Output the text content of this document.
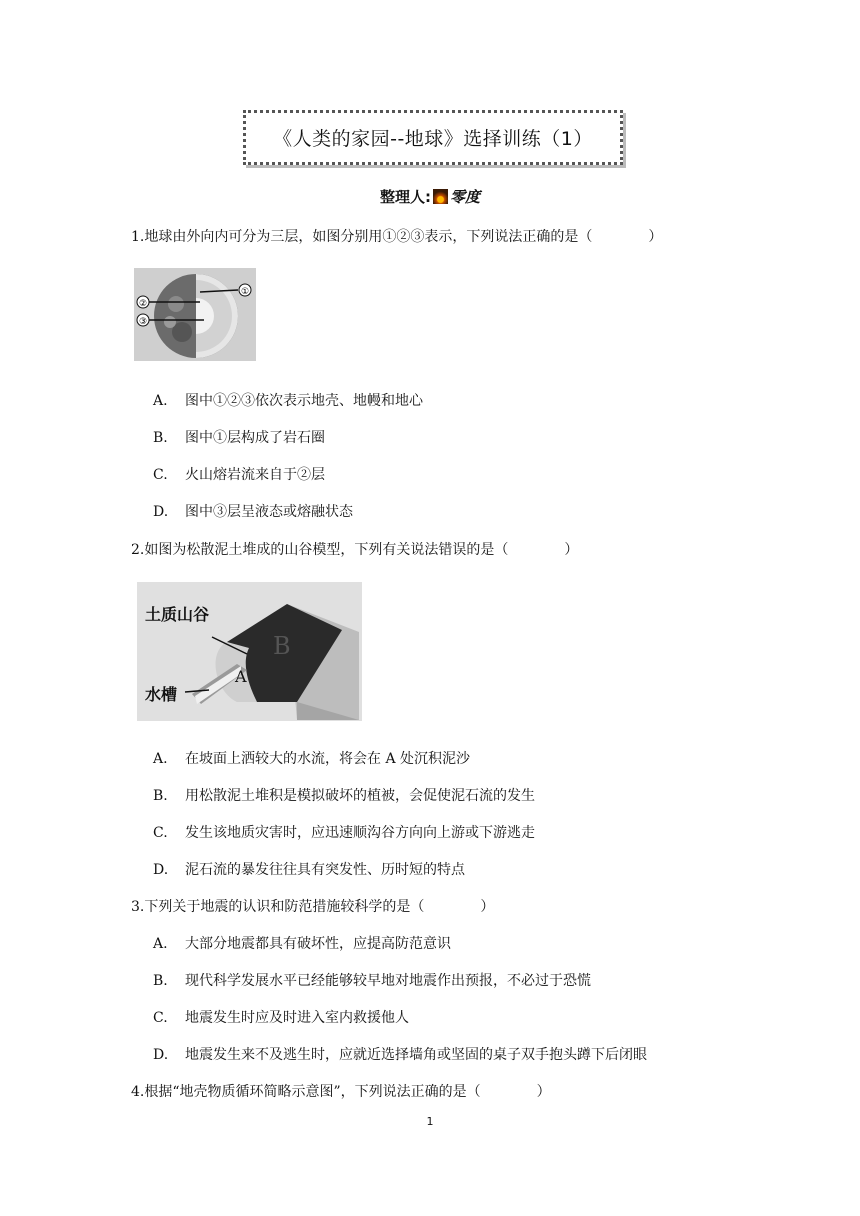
《人类的家园--地球》选择训练（1）
整理人: 零度
1.地球由外向内可分为三层，如图分别用①②③表示，下列说法正确的是（　　　　）
①
②
③
A. 图中①②③依次表示地壳、地幔和地心
B. 图中①层构成了岩石圈
C. 火山熔岩流来自于②层
D. 图中③层呈液态或熔融状态
2.如图为松散泥土堆成的山谷模型，下列有关说法错误的是（　　　　）
土质山谷
水槽
A
B
A. 在坡面上洒较大的水流，将会在 A 处沉积泥沙
B. 用松散泥土堆积是模拟破坏的植被，会促使泥石流的发生
C. 发生该地质灾害时，应迅速顺沟谷方向向上游或下游逃走
D. 泥石流的暴发往往具有突发性、历时短的特点
3.下列关于地震的认识和防范措施较科学的是（　　　　）
A. 大部分地震都具有破坏性，应提高防范意识
B. 现代科学发展水平已经能够较早地对地震作出预报，不必过于恐慌
C. 地震发生时应及时进入室内救援他人
D. 地震发生来不及逃生时，应就近选择墙角或坚固的桌子双手抱头蹲下后闭眼
4.根据“地壳物质循环简略示意图”，下列说法正确的是（　　　　）
1
